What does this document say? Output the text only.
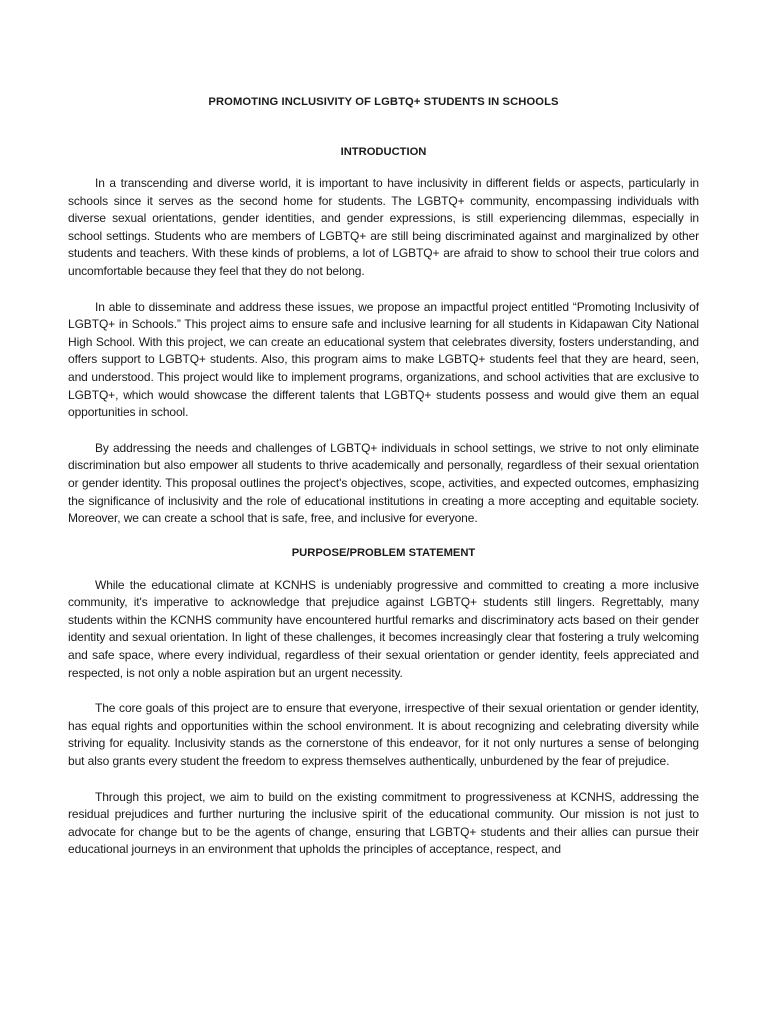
PROMOTING INCLUSIVITY OF LGBTQ+ STUDENTS IN SCHOOLS
INTRODUCTION

In a transcending and diverse world, it is important to have inclusivity in different fields or aspects, particularly in schools since it serves as the second home for students. The LGBTQ+ community, encompassing individuals with diverse sexual orientations, gender identities, and gender expressions, is still experiencing dilemmas, especially in school settings. Students who are members of LGBTQ+ are still being discriminated against and marginalized by other students and teachers. With these kinds of problems, a lot of LGBTQ+ are afraid to show to school their true colors and uncomfortable because they feel that they do not belong.

In able to disseminate and address these issues, we propose an impactful project entitled “Promoting Inclusivity of LGBTQ+ in Schools.” This project aims to ensure safe and inclusive learning for all students in Kidapawan City National High School. With this project, we can create an educational system that celebrates diversity, fosters understanding, and offers support to LGBTQ+ students. Also, this program aims to make LGBTQ+ students feel that they are heard, seen, and understood. This project would like to implement programs, organizations, and school activities that are exclusive to LGBTQ+, which would showcase the different talents that LGBTQ+ students possess and would give them an equal opportunities in school.

By addressing the needs and challenges of LGBTQ+ individuals in school settings, we strive to not only eliminate discrimination but also empower all students to thrive academically and personally, regardless of their sexual orientation or gender identity. This proposal outlines the project's objectives, scope, activities, and expected outcomes, emphasizing the significance of inclusivity and the role of educational institutions in creating a more accepting and equitable society. Moreover, we can create a school that is safe, free, and inclusive for everyone.

PURPOSE/PROBLEM STATEMENT

While the educational climate at KCNHS is undeniably progressive and committed to creating a more inclusive community, it's imperative to acknowledge that prejudice against LGBTQ+ students still lingers. Regrettably, many students within the KCNHS community have encountered hurtful remarks and discriminatory acts based on their gender identity and sexual orientation. In light of these challenges, it becomes increasingly clear that fostering a truly welcoming and safe space, where every individual, regardless of their sexual orientation or gender identity, feels appreciated and respected, is not only a noble aspiration but an urgent necessity.

The core goals of this project are to ensure that everyone, irrespective of their sexual orientation or gender identity, has equal rights and opportunities within the school environment. It is about recognizing and celebrating diversity while striving for equality. Inclusivity stands as the cornerstone of this endeavor, for it not only nurtures a sense of belonging but also grants every student the freedom to express themselves authentically, unburdened by the fear of prejudice.

Through this project, we aim to build on the existing commitment to progressiveness at KCNHS, addressing the residual prejudices and further nurturing the inclusive spirit of the educational community. Our mission is not just to advocate for change but to be the agents of change, ensuring that LGBTQ+ students and their allies can pursue their educational journeys in an environment that upholds the principles of acceptance, respect, and
